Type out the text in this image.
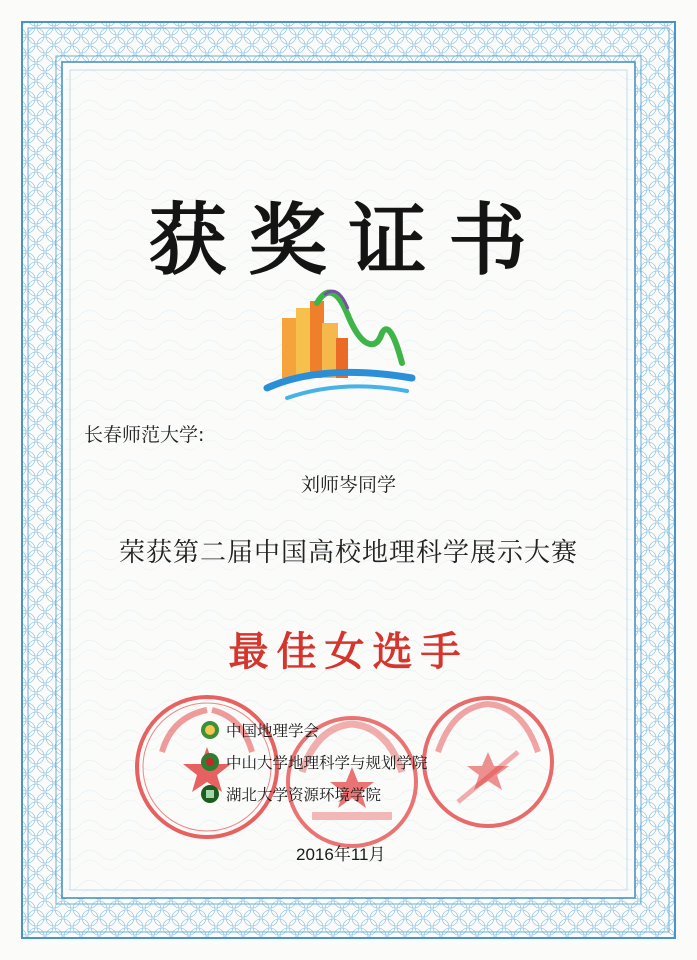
获奖证书
长春师范大学:
刘师岑同学
荣获第二届中国高校地理科学展示大赛
最佳女选手
中国地理学会
中山大学地理科学与规划学院
湖北大学资源环境学院
2016年11月
